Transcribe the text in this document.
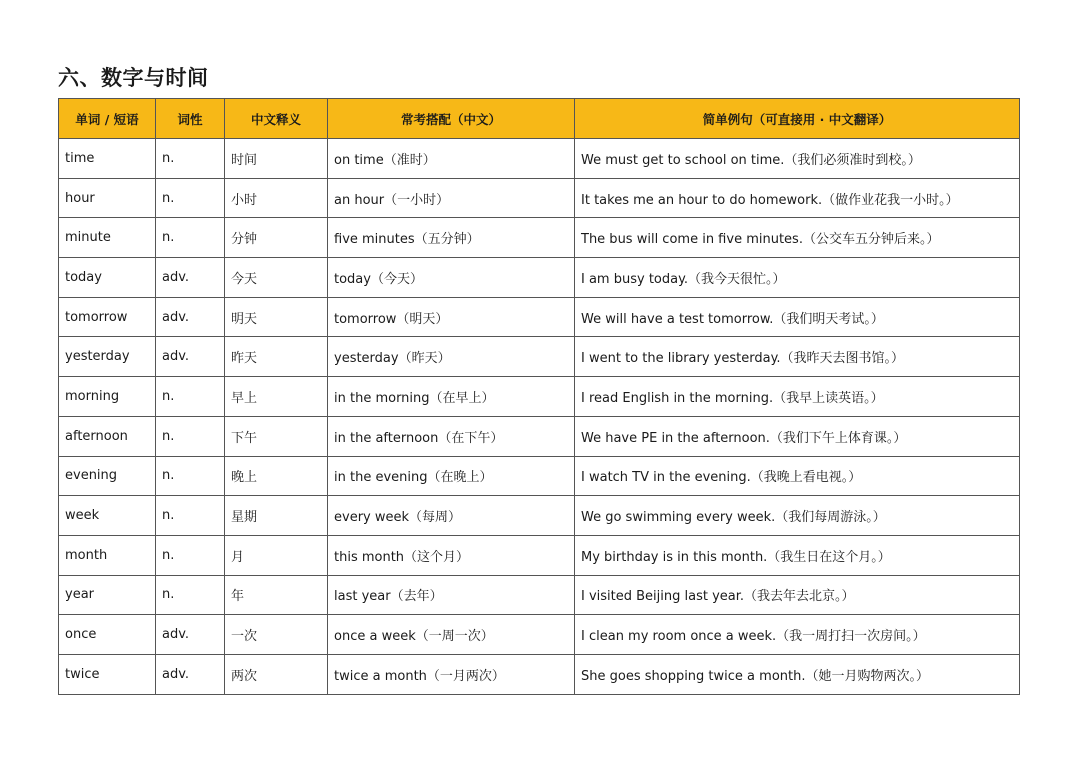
六、数字与时间
单词 / 短语	词性	中文释义	常考搭配（中文）	简单例句（可直接用 · 中文翻译）
time	n.	时间	on time（准时）	We must get to school on time.（我们必须准时到校。）
hour	n.	小时	an hour（一小时）	It takes me an hour to do homework.（做作业花我一小时。）
minute	n.	分钟	five minutes（五分钟）	The bus will come in five minutes.（公交车五分钟后来。）
today	adv.	今天	today（今天）	I am busy today.（我今天很忙。）
tomorrow	adv.	明天	tomorrow（明天）	We will have a test tomorrow.（我们明天考试。）
yesterday	adv.	昨天	yesterday（昨天）	I went to the library yesterday.（我昨天去图书馆。）
morning	n.	早上	in the morning（在早上）	I read English in the morning.（我早上读英语。）
afternoon	n.	下午	in the afternoon（在下午）	We have PE in the afternoon.（我们下午上体育课。）
evening	n.	晚上	in the evening（在晚上）	I watch TV in the evening.（我晚上看电视。）
week	n.	星期	every week（每周）	We go swimming every week.（我们每周游泳。）
month	n.	月	this month（这个月）	My birthday is in this month.（我生日在这个月。）
year	n.	年	last year（去年）	I visited Beijing last year.（我去年去北京。）
once	adv.	一次	once a week（一周一次）	I clean my room once a week.（我一周打扫一次房间。）
twice	adv.	两次	twice a month（一月两次）	She goes shopping twice a month.（她一月购物两次。）
